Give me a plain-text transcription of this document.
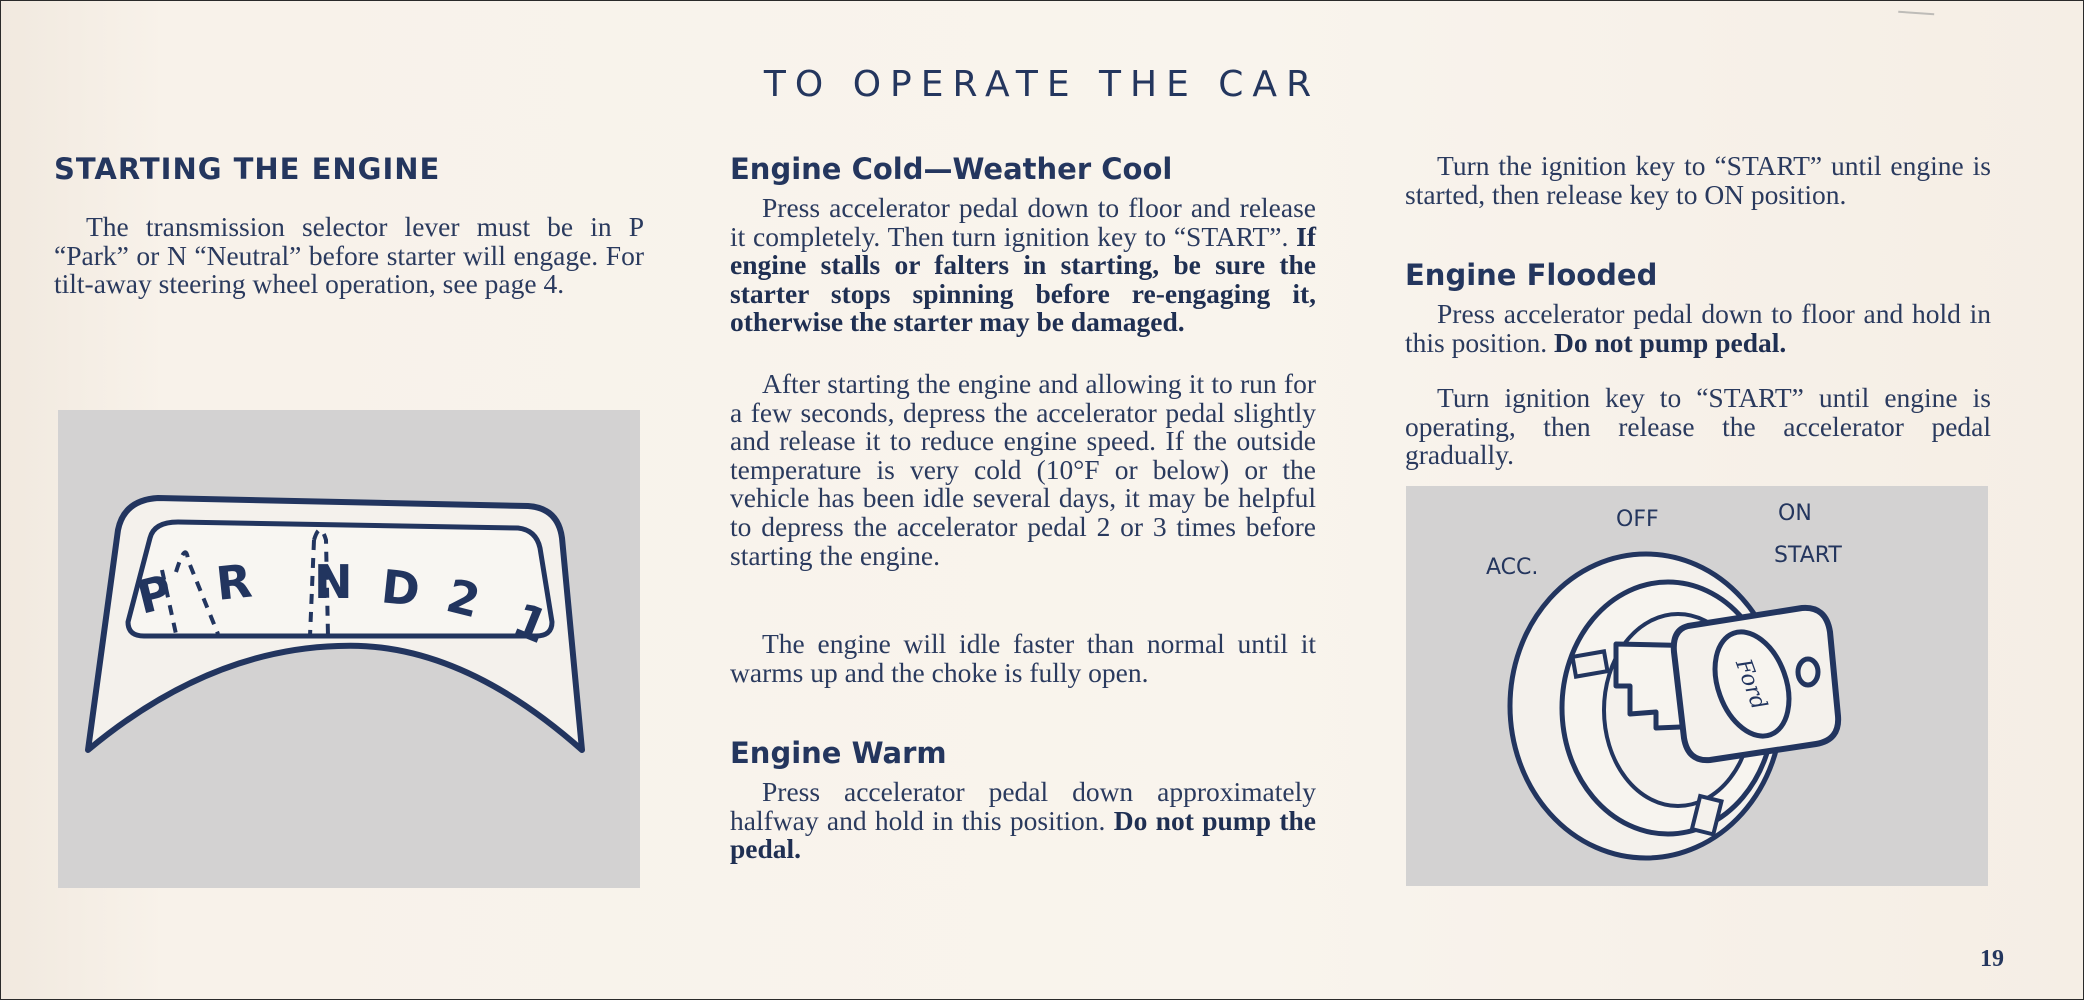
TO OPERATE THE CAR
STARTING THE ENGINE

The transmission selector lever must be in P “Park” or N “Neutral” before starter will engage. For tilt-away steering wheel operation, see page 4.

P R N D 2 1
Engine Cold—Weather Cool

Press accelerator pedal down to floor and release it completely. Then turn ignition key to “START”. If engine stalls or falters in starting, be sure the starter stops spinning before re-engaging it, otherwise the starter may be damaged.

After starting the engine and allowing it to run for a few seconds, depress the accelerator pedal slightly and release it to reduce engine speed. If the outside temperature is very cold (10°F or below) or the vehicle has been idle several days, it may be helpful to depress the accelerator pedal 2 or 3 times before starting the engine.

The engine will idle faster than normal until it warms up and the choke is fully open.

Engine Warm

Press accelerator pedal down approximately halfway and hold in this position. Do not pump the pedal.

Turn the ignition key to “START” until engine is started, then release key to ON position.

Engine Flooded

Press accelerator pedal down to floor and hold in this position. Do not pump pedal.

Turn ignition key to “START” until engine is operating, then release the accelerator pedal gradually.

OFF	ON
ACC.	START
Ford
19
